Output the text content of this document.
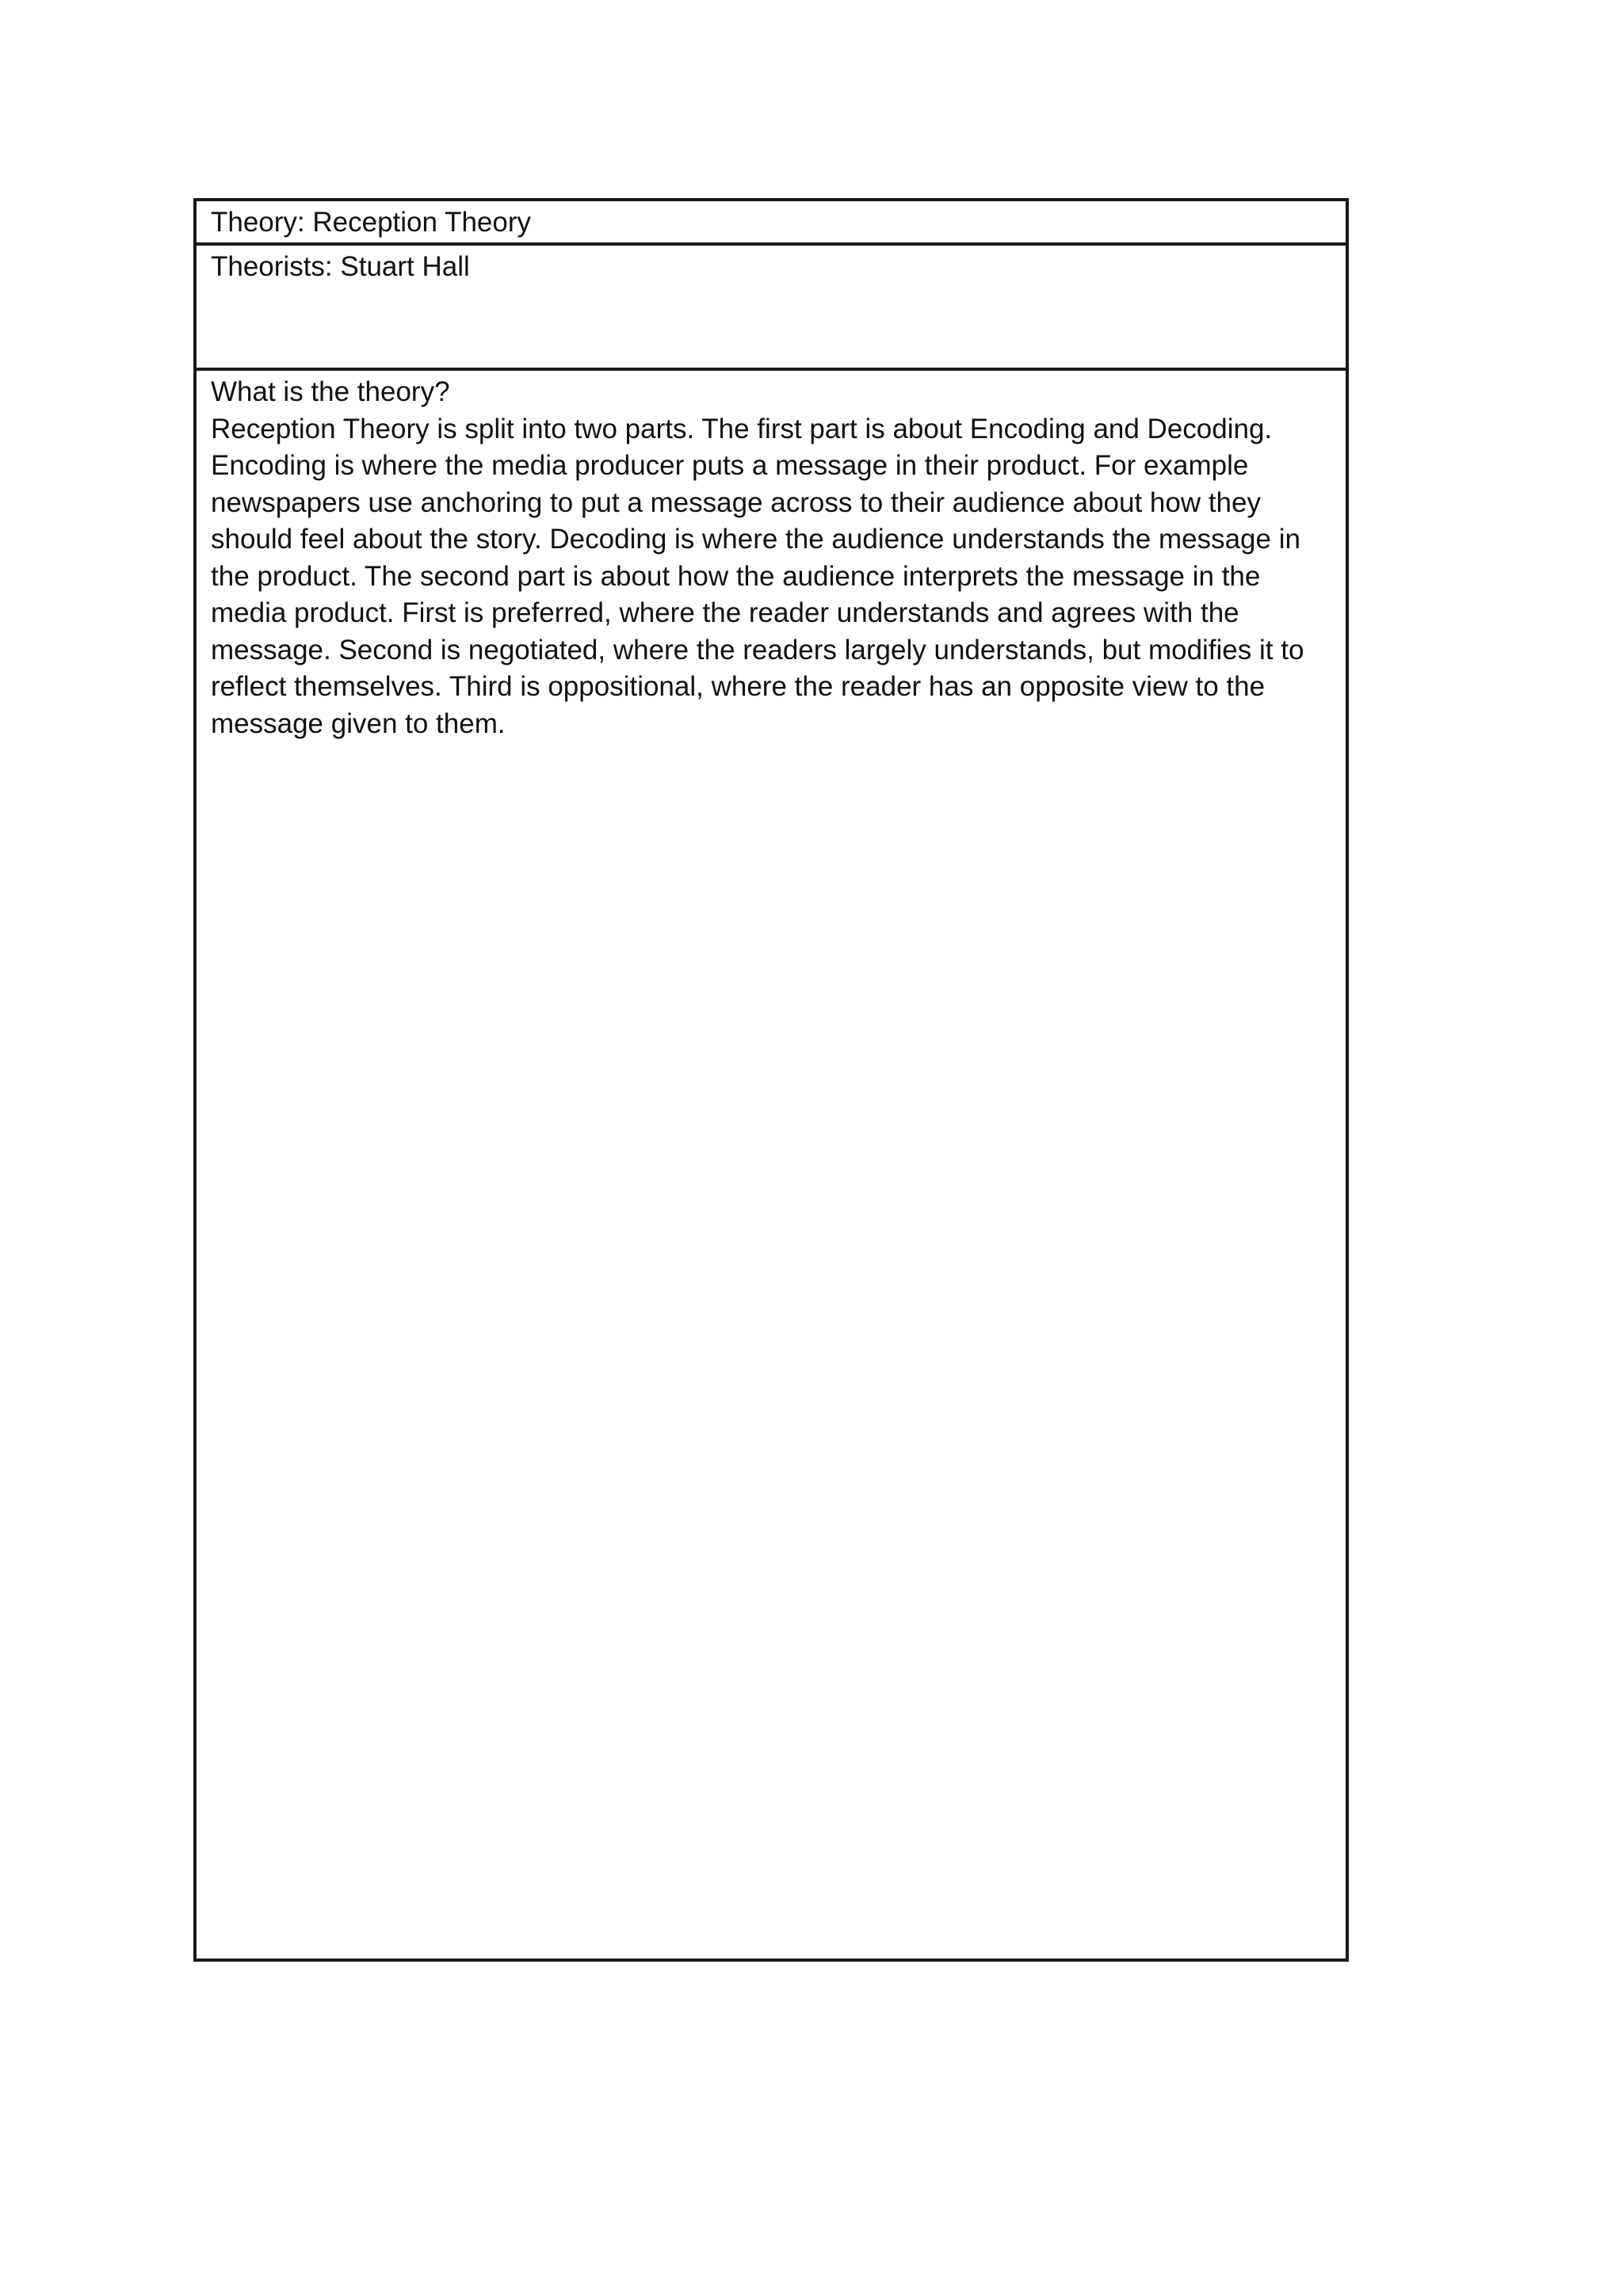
Theory: Reception Theory
Theorists: Stuart Hall
What is the theory?
Reception Theory is split into two parts. The first part is about Encoding and Decoding. Encoding is where the media producer puts a message in their product. For example newspapers use anchoring to put a message across to their audience about how they should feel about the story. Decoding is where the audience understands the message in the product. The second part is about how the audience interprets the message in the media product. First is preferred, where the reader understands and agrees with the message. Second is negotiated, where the readers largely understands, but modifies it to reflect themselves. Third is oppositional, where the reader has an opposite view to the message given to them.
